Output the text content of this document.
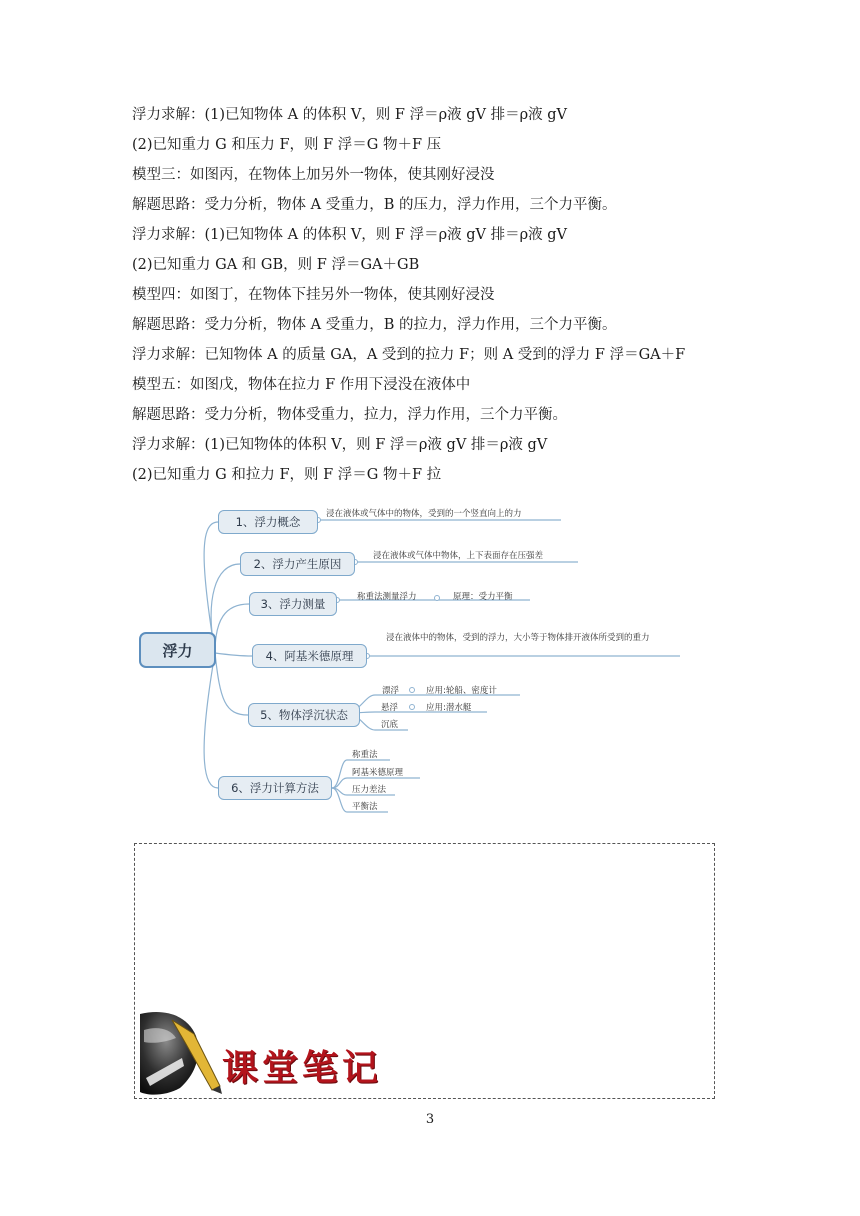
浮力求解：(1)已知物体 A 的体积 V，则 F 浮＝ρ液 gV 排＝ρ液 gV
(2)已知重力 G 和压力 F，则 F 浮＝G 物＋F 压
模型三：如图丙，在物体上加另外一物体，使其刚好浸没
解题思路：受力分析，物体 A 受重力，B 的压力，浮力作用，三个力平衡。
浮力求解：(1)已知物体 A 的体积 V，则 F 浮＝ρ液 gV 排＝ρ液 gV
(2)已知重力 GA 和 GB，则 F 浮＝GA＋GB
模型四：如图丁，在物体下挂另外一物体，使其刚好浸没
解题思路：受力分析，物体 A 受重力，B 的拉力，浮力作用，三个力平衡。
浮力求解：已知物体 A 的质量 GA，A 受到的拉力 F；则 A 受到的浮力 F 浮＝GA＋F
模型五：如图戊，物体在拉力 F 作用下浸没在液体中
解题思路：受力分析，物体受重力，拉力，浮力作用，三个力平衡。
浮力求解：(1)已知物体的体积 V，则 F 浮＝ρ液 gV 排＝ρ液 gV
(2)已知重力 G 和拉力 F，则 F 浮＝G 物＋F 拉
浮力
1、浮力概念
2、浮力产生原因
3、浮力测量
4、阿基米德原理
5、物体浮沉状态
6、浮力计算方法
浸在液体或气体中的物体，受到的一个竖直向上的力
浸在液体或气体中物体，上下表面存在压强差
称重法测量浮力	原理：受力平衡
浸在液体中的物体，受到的浮力，大小等于物体排开液体所受到的重力
漂浮	应用:轮船、密度计
悬浮	应用:潜水艇
沉底
称重法
阿基米德原理
压力差法
平衡法
课堂笔记
3
